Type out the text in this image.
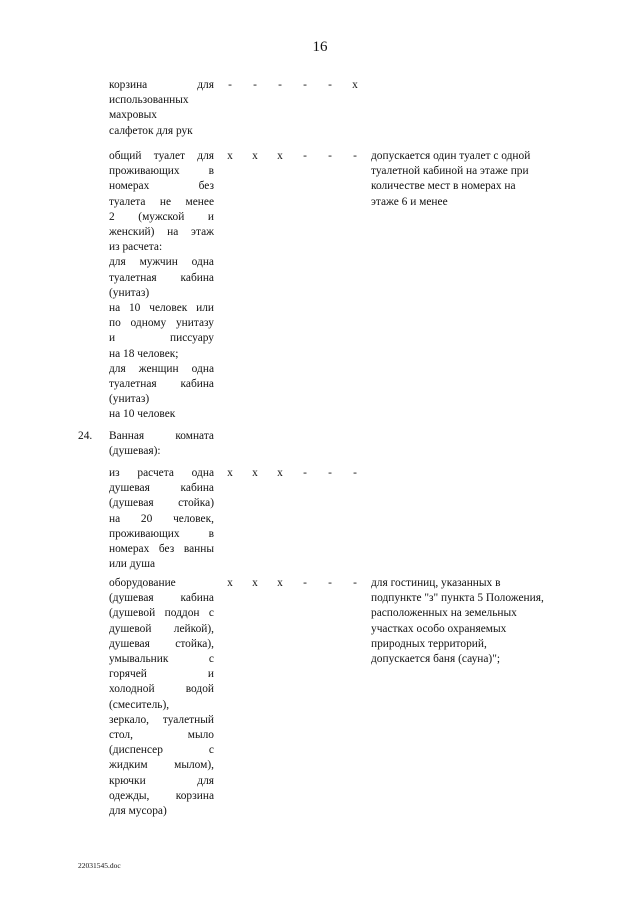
16
корзина для
использованных
махровых
салфеток для рук
-	-	-	-	-	х
общий туалет для
проживающих в
номерах без
туалета не менее
2 (мужской и
женский) на этаж
из расчета:
для мужчин одна
туалетная кабина
(унитаз)
на 10 человек или
по одному унитазу
и писсуару
на 18 человек;
для женщин одна
туалетная кабина
(унитаз)
на 10 человек
х х х	-	-	-	допускается один туалет с одной
туалетной кабиной на этаже при
количестве мест в номерах на
этаже 6 и менее
24. Ванная комната
(душевая):
из расчета одна
душевая кабина
(душевая стойка)
на 20 человек,
проживающих в
номерах без ванны
или душа
х х х	-	-	-
оборудование
(душевая кабина
(душевой поддон с
душевой лейкой),
душевая стойка),
умывальник с
горячей и
холодной водой
(смеситель),
зеркало, туалетный
стол, мыло
(диспенсер с
жидким мылом),
крючки для
одежды, корзина
для мусора)
х х х	-	-	-	для гостиниц, указанных в
подпункте "з" пункта 5 Положения,
расположенных на земельных
участках особо охраняемых
природных территорий,
допускается баня (сауна)";
22031545.doc
